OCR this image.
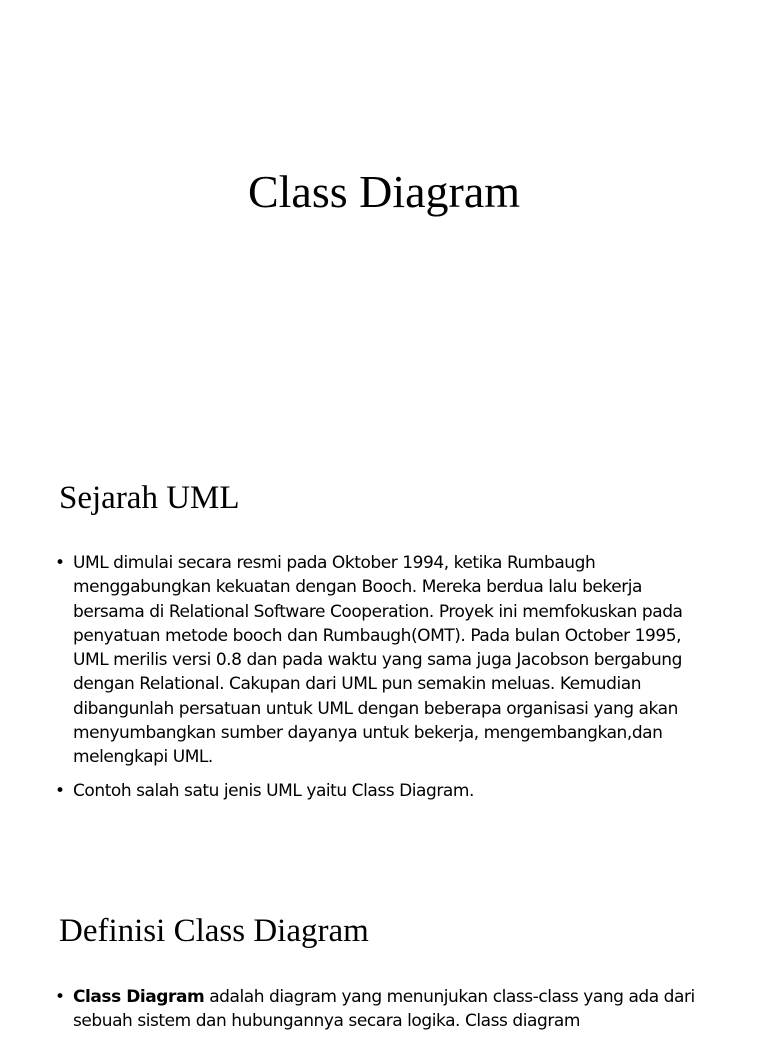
Class Diagram
Sejarah UML
• UML dimulai secara resmi pada Oktober 1994, ketika Rumbaugh menggabungkan kekuatan dengan Booch. Mereka berdua lalu bekerja bersama di Relational Software Cooperation. Proyek ini memfokuskan pada penyatuan metode booch dan Rumbaugh(OMT). Pada bulan October 1995, UML merilis versi 0.8 dan pada waktu yang sama juga Jacobson bergabung dengan Relational. Cakupan dari UML pun semakin meluas. Kemudian dibangunlah persatuan untuk UML dengan beberapa organisasi yang akan menyumbangkan sumber dayanya untuk bekerja, mengembangkan,dan melengkapi UML.
• Contoh salah satu jenis UML yaitu Class Diagram.
Definisi Class Diagram
• Class Diagram adalah diagram yang menunjukan class-class yang ada dari sebuah sistem dan hubungannya secara logika. Class diagram
